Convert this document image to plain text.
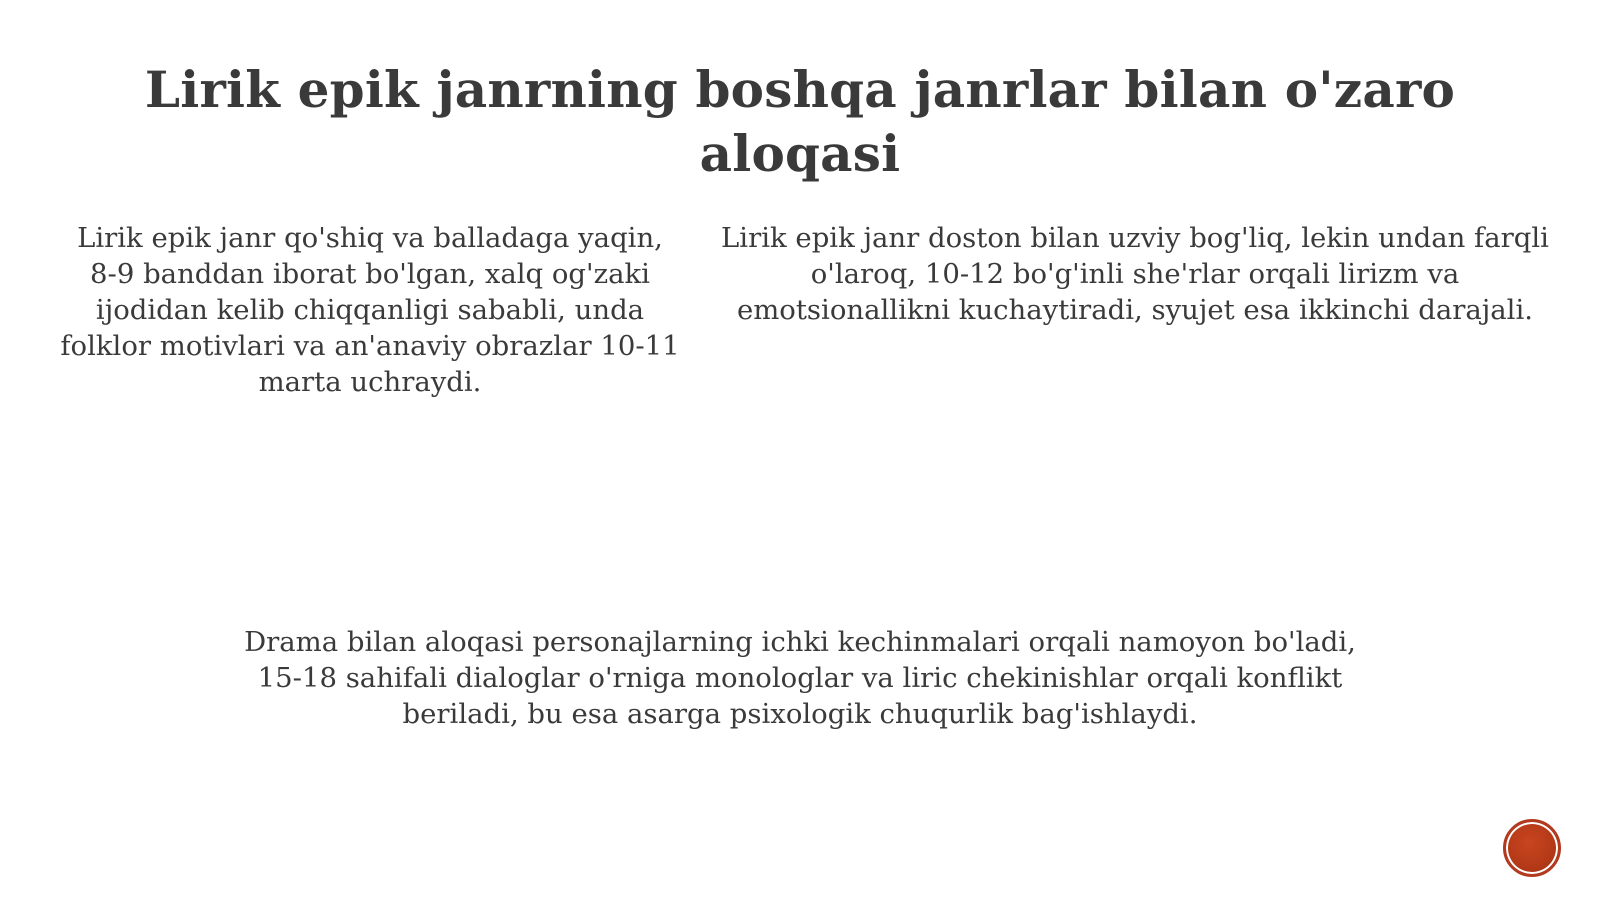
Lirik epik janrning boshqa janrlar bilan o'zaro aloqasi
Lirik epik janr qo'shiq va balladaga yaqin, 8-9 banddan iborat bo'lgan, xalq og'zaki ijodidan kelib chiqqanligi sababli, unda folklor motivlari va an'anaviy obrazlar 10-11 marta uchraydi.
Lirik epik janr doston bilan uzviy bog'liq, lekin undan farqli o'laroq, 10-12 bo'g'inli she'rlar orqali lirizm va emotsionallikni kuchaytiradi, syujet esa ikkinchi darajali.
Drama bilan aloqasi personajlarning ichki kechinmalari orqali namoyon bo'ladi, 15-18 sahifali dialoglar o'rniga monologlar va liric chekinishlar orqali konflikt beriladi, bu esa asarga psixologik chuqurlik bag'ishlaydi.
